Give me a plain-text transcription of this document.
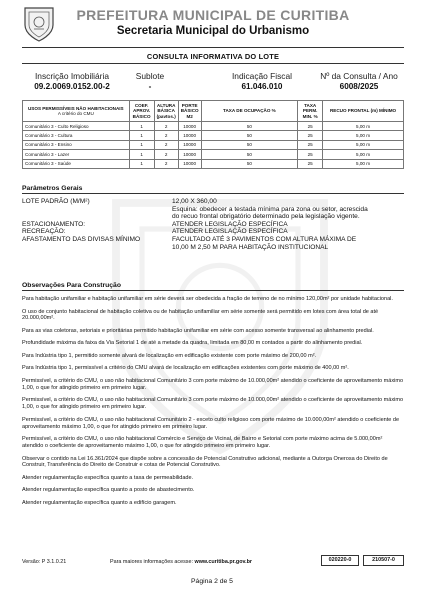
PREFEITURA MUNICIPAL DE CURITIBA
Secretaria Municipal do Urbanismo
CONSULTA INFORMATIVA DO LOTE
Inscrição Imobiliária
09.2.0069.0152.00-2
Sublote
-
Indicação Fiscal
61.046.010
Nº da Consulta / Ano
6008/2025
USOS PERMISSÍVEIS NÃO HABITACIONAIS
A critério do CMU	COEF. APROV. BÁSICO	ALTURA BÁSICA (pavtos.)	PORTE BÁSICO M2	TAXA DE OCUPAÇÃO %	TAXA PERM. MIN. %	RECUO FRONTAL (m) MÍNIMO
Comunitário 3 - Culto Religioso	1	2	10000	50	25	5,00 m
Comunitário 3 - Cultura	1	2	10000	50	25	5,00 m
Comunitário 3 - Ensino	1	2	10000	50	25	5,00 m
Comunitário 3 - Lazer	1	2	10000	50	25	5,00 m
Comunitário 3 - Saúde	1	2	10000	50	25	5,00 m
Parâmetros Gerais
LOTE PADRÃO (M/M²)	12,00 X 360,00
Esquina: obedecer a testada mínima para zona ou setor, acrescida do recuo frontal obrigatório determinado pela legislação vigente.
ESTACIONAMENTO:	ATENDER LEGISLAÇÃO ESPECÍFICA
RECREAÇÃO:	ATENDER LEGISLAÇÃO ESPECÍFICA
AFASTAMENTO DAS DIVISAS MÍNIMO	FACULTADO ATÉ 3 PAVIMENTOS COM ALTURA MÁXIMA DE 10,00 M 2,50 M PARA HABITAÇÃO INSTITUCIONAL
Observações Para Construção

Para habitação unifamiliar e habitação unifamiliar em série deverá ser obedecida a fração de terreno de no mínimo 120,00m² por unidade habitacional.

O uso de conjunto habitacional de habitação coletiva ou de habitação unifamiliar em série somente será permitido em lotes com área total de até 20.000,00m².

Para as vias coletoras, setoriais e prioritárias permitido habitação unifamiliar em série com acesso somente transversal ao alinhamento predial.

Profundidade máxima da faixa da Via Setorial 1 de até a metade da quadra, limitada em 80,00 m contados a partir do alinhamento predial.

Para Indústria tipo 1, permitido somente alvará de localização em edificação existente com porte máximo de 200,00 m².

Para Indústria tipo 1, permissível a critério do CMU alvará de localização em edificações existentes com porte máximo de 400,00 m².

Permissível, a critério do CMU, o uso não habitacional Comunitário 3 com porte máximo de 10.000,00m² atendido o coeficiente de aproveitamento máximo 1,00, o que for atingido primeiro em primeiro lugar.

Permissível, a critério do CMU, o uso não habitacional Comunitário 3 com porte máximo de 10.000,00m² atendido o coeficiente de aproveitamento máximo 1,00, o que for atingido primeiro em primeiro lugar.

Permissível, a critério do CMU, o uso não habitacional Comunitário 2 - exceto culto religioso com porte máximo de 10.000,00m² atendido o coeficiente de aproveitamento máximo 1,00, o que for atingido primeiro em primeiro lugar.

Permissível, a critério do CMU, o uso não habitacional Comércio e Serviço de Vicinal, de Bairro e Setorial com porte máximo acima de 5.000,00m² atendido o coeficiente de aproveitamento máximo 1,00, o que for atingido primeiro em primeiro lugar.

Observar o contido na Lei 16.361/2024 que dispõe sobre a concessão de Potencial Construtivo adicional, mediante a Outorga Onerosa do Direito de Construir, Transferência do Direito de Construir e cotas de Potencial Construtivo.

Atender regulamentação específica quanto a taxa de permeabilidade.

Atender regulamentação específica quanto a posto de abastecimento.

Atender regulamentação específica quanto a edifício garagem.

Versão: P 3.1.0.21	Para maiores informações acesse: www.curitiba.pr.gov.br	020220-0	210507-0
Página 2 de 5
